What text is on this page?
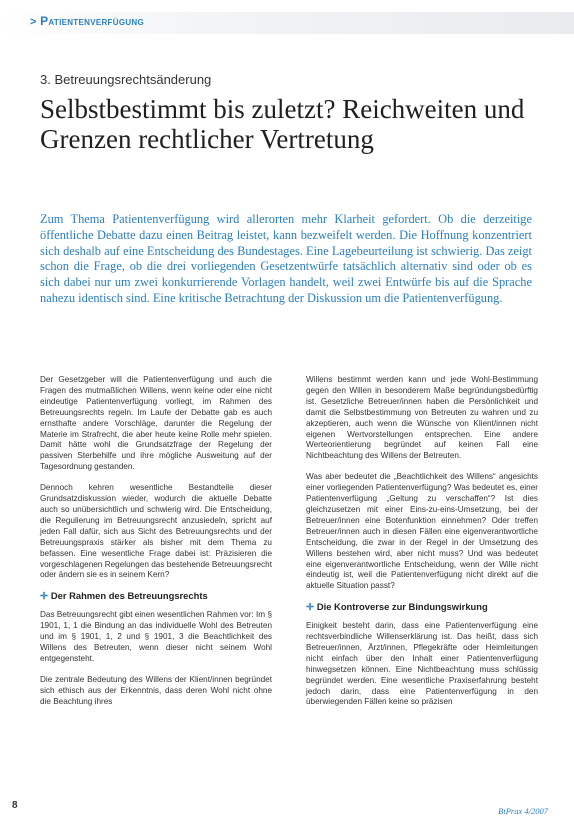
> Patientenverfügung
3. Betreuungsrechtsänderung
Selbstbestimmt bis zuletzt? Reichweiten und Grenzen rechtlicher Vertretung

Zum Thema Patientenverfügung wird allerorten mehr Klarheit gefordert. Ob die derzeitige öffentliche Debatte dazu einen Beitrag leistet, kann bezweifelt werden. Die Hoffnung konzentriert sich deshalb auf eine Entscheidung des Bundestages. Eine Lagebeurteilung ist schwierig. Das zeigt schon die Frage, ob die drei vorliegenden Gesetzentwürfe tatsächlich alternativ sind oder ob es sich dabei nur um zwei konkurrierende Vorlagen handelt, weil zwei Entwürfe bis auf die Sprache nahezu identisch sind. Eine kritische Betrachtung der Diskussion um die Patientenverfügung.

Der Gesetzgeber will die Patientenverfügung und auch die Fragen des mutmaßlichen Willens, wenn keine oder eine nicht eindeutige Patientenverfügung vorliegt, im Rahmen des Betreuungsrechts regeln. Im Laufe der Debatte gab es auch ernsthafte andere Vorschläge, darunter die Regelung der Materie im Strafrecht, die aber heute keine Rolle mehr spielen. Damit hätte wohl die Grundsatzfrage der Regelung der passiven Sterbehilfe und ihre mögliche Ausweitung auf der Tagesordnung gestanden.

Dennoch kehren wesentliche Bestandteile dieser Grundsatzdiskussion wieder, wodurch die aktuelle Debatte auch so unübersichtlich und schwierig wird. Die Entscheidung, die Regulierung im Betreuungsrecht anzusiedeln, spricht auf jeden Fall dafür, sich aus Sicht des Betreuungsrechts und der Betreuungspraxis stärker als bisher mit dem Thema zu befassen. Eine wesentliche Frage dabei ist: Präzisieren die vorgeschlagenen Regelungen das bestehende Betreuungsrecht oder ändern sie es in seinem Kern?

✛ Der Rahmen des Betreuungsrechts

Das Betreuungsrecht gibt einen wesentlichen Rahmen vor: Im § 1901, 1, 1 die Bindung an das individuelle Wohl des Betreuten und im § 1901, 1, 2 und § 1901, 3 die Beachtlichkeit des Willens des Betreuten, wenn dieser nicht seinem Wohl entgegensteht.

Die zentrale Bedeutung des Willens der Klient/innen begründet sich ethisch aus der Erkenntnis, dass deren Wohl nicht ohne die Beachtung ihres

Willens bestimmt werden kann und jede Wohl-Bestimmung gegen den Willen in besonderem Maße begründungsbedürftig ist. Gesetzliche Betreuer/innen haben die Persönlichkeit und damit die Selbstbestimmung von Betreuten zu wahren und zu akzeptieren, auch wenn die Wünsche von Klient/innen nicht eigenen Wertvorstellungen entsprechen. Eine andere Werteorientierung begründet auf keinen Fall eine Nichtbeachtung des Willens der Betreuten.

Was aber bedeutet die „Beachtlichkeit des Willens“ angesichts einer vorliegenden Patientenverfügung? Was bedeutet es, einer Patientenverfügung „Geltung zu verschaffen“? Ist dies gleichzusetzen mit einer Eins-zu-eins-Umsetzung, bei der Betreuer/innen eine Botenfunktion einnehmen? Oder treffen Betreuer/innen auch in diesen Fällen eine eigenverantwortliche Entscheidung, die zwar in der Regel in der Umsetzung des Willens bestehen wird, aber nicht muss? Und was bedeutet eine eigenverantwortliche Entscheidung, wenn der Wille nicht eindeutig ist, weil die Patientenverfügung nicht direkt auf die aktuelle Situation passt?

✛ Die Kontroverse zur Bindungswirkung

Einigkeit besteht darin, dass eine Patientenverfügung eine rechtsverbindliche Willenserklärung ist. Das heißt, dass sich Betreuer/innen, Ärzt/innen, Pflegekräfte oder Heimleitungen nicht einfach über den Inhalt einer Patientenverfügung hinwegsetzen können. Eine Nichtbeachtung muss schlüssig begründet werden. Eine wesentliche Praxiserfahrung besteht jedoch darin, dass eine Patientenverfügung in den überwiegenden Fällen keine so präzisen

8	BtPrax 4/2007
